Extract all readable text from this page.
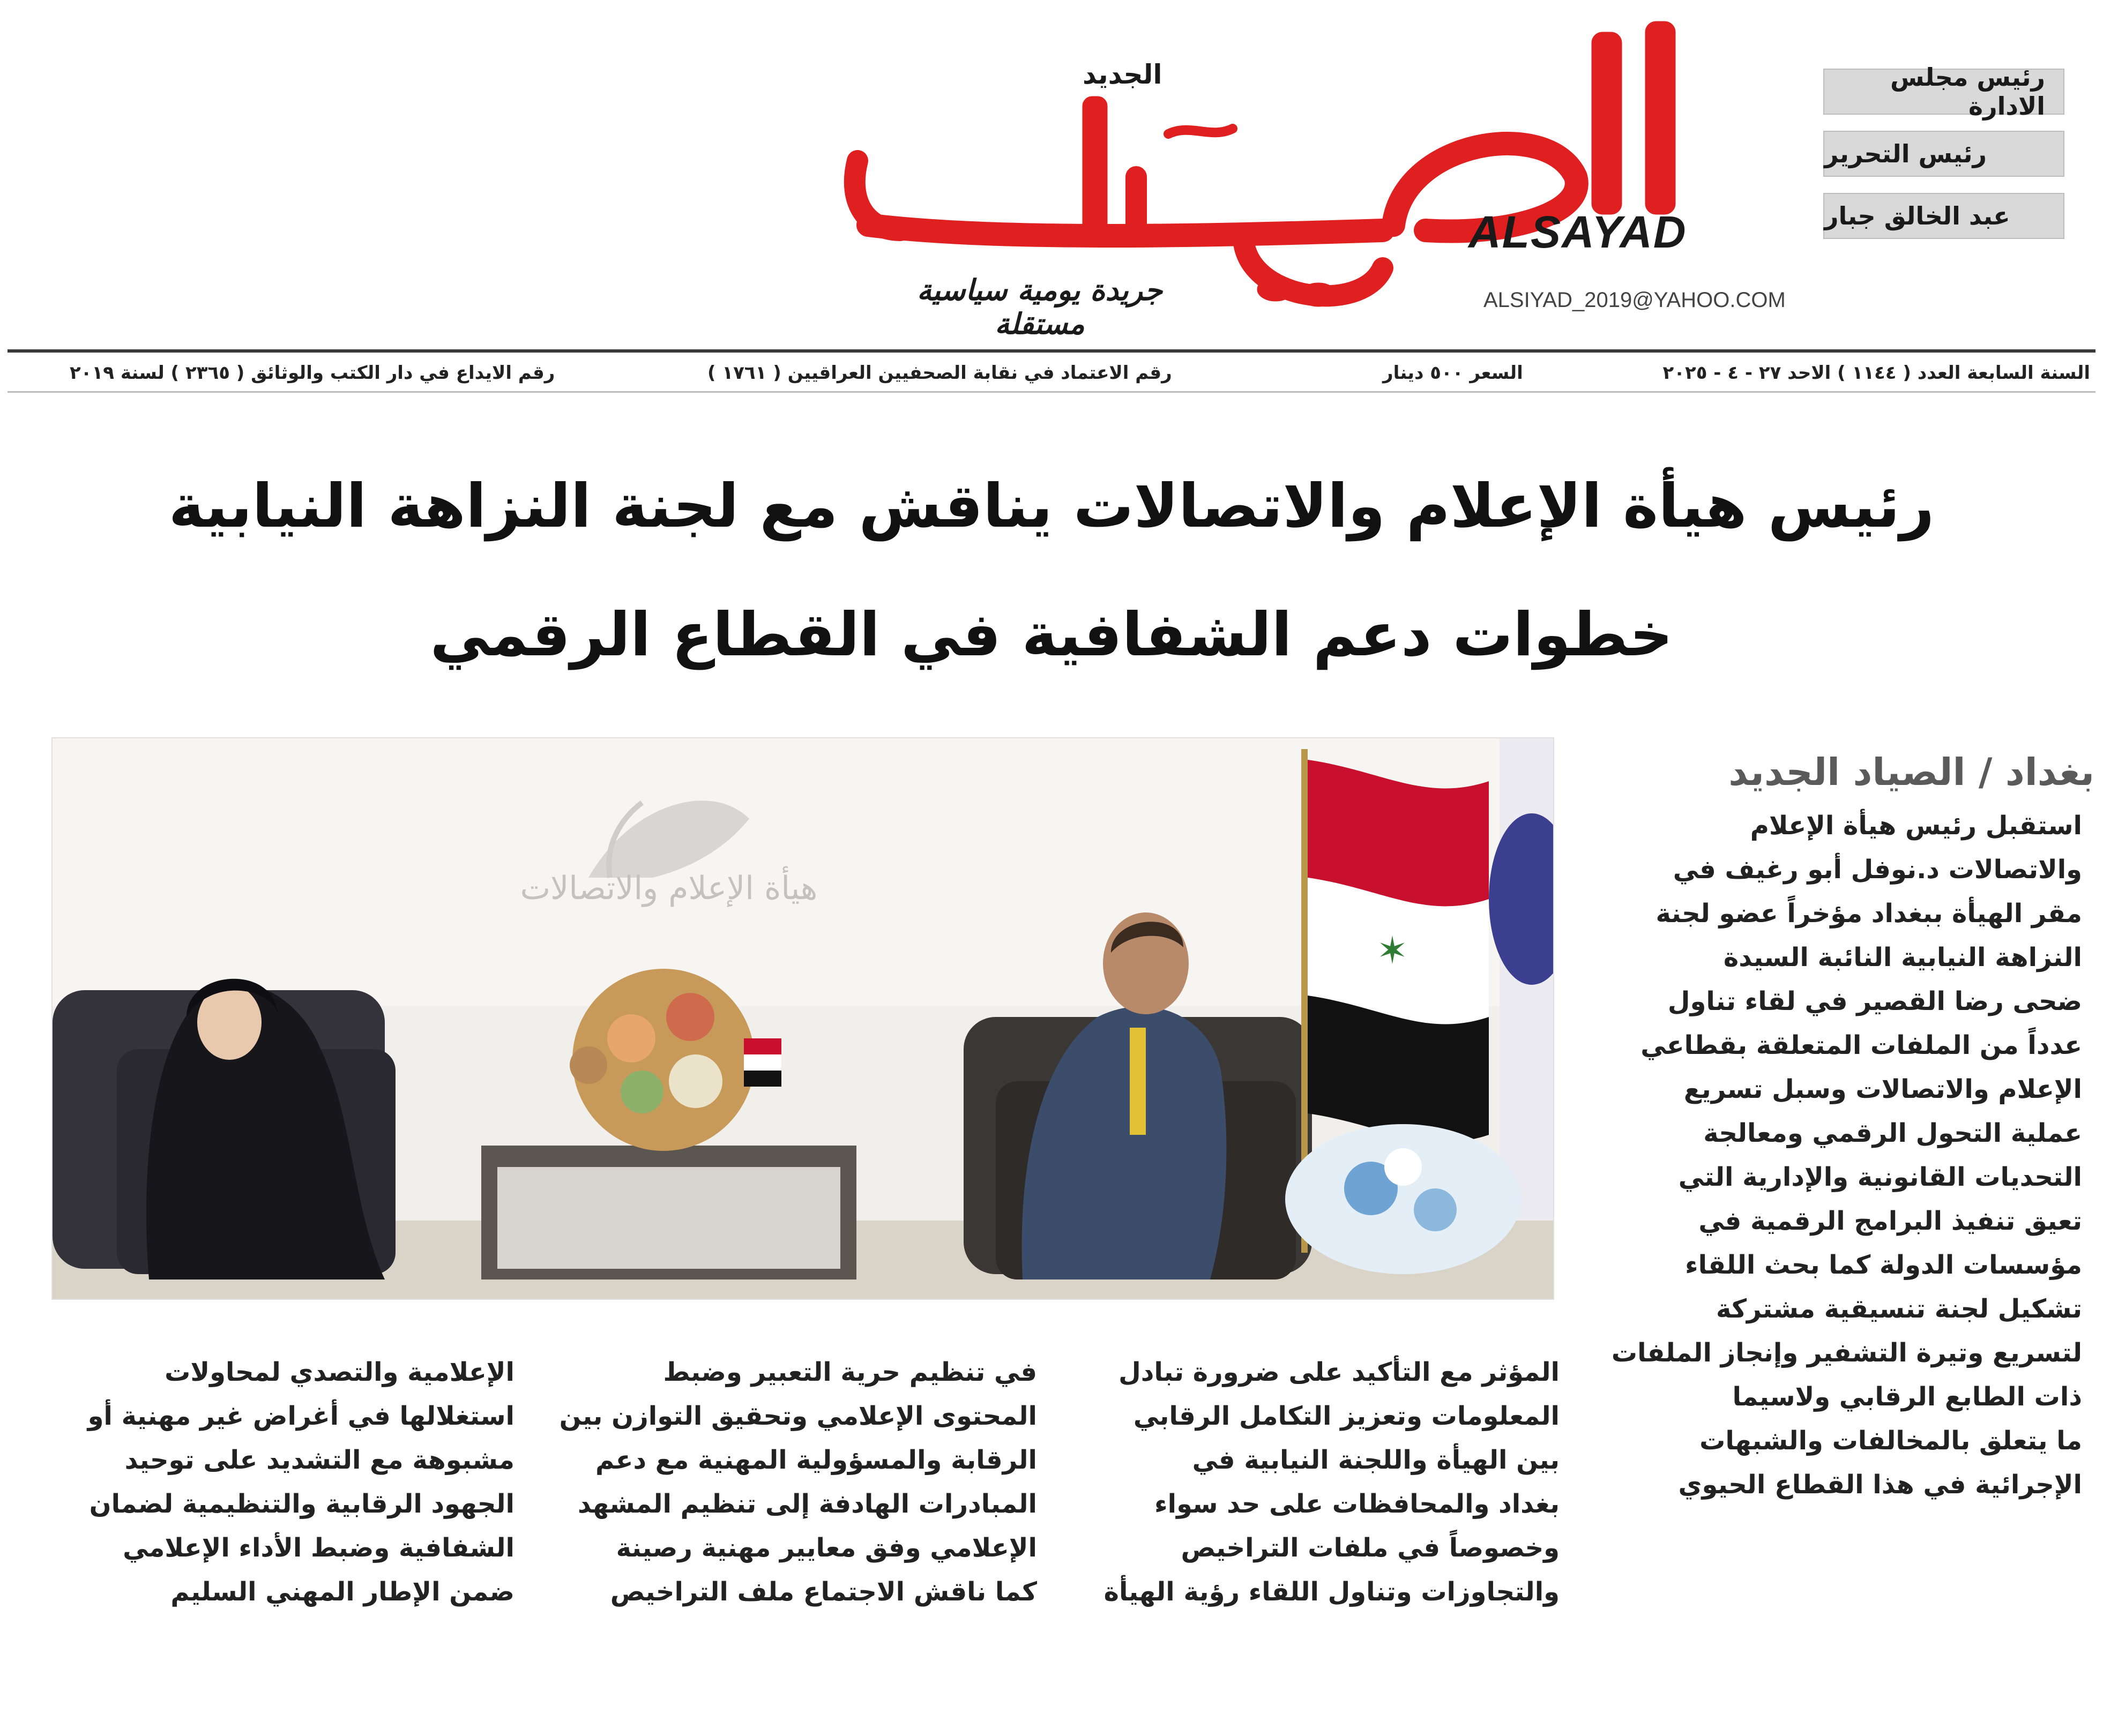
رئيس مجلس الادارة
رئيس التحرير
عبد الخالق جبار
الجديد
ALSAYAD
جريدة يومية سياسية مستقلة
ALSIYAD_2019@YAHOO.COM
السنة السابعة العدد ( ١١٤٤ ) الاحد ٢٧ - ٤ - ٢٠٢٥
السعر ٥٠٠ دينار
رقم الاعتماد في نقابة الصحفيين العراقيين ( ١٧٦١ )
رقم الايداع في دار الكتب والوثائق ( ٢٣٦٥ ) لسنة ٢٠١٩
رئيس هيأة الإعلام والاتصالات يناقش مع لجنة النزاهة النيابية
خطوات دعم الشفافية في القطاع الرقمي
هيأة الإعلام والاتصالات
✶
بغداد / الصياد الجديد
استقبل رئيس هيأة الإعلام
والاتصالات د.نوفل أبو رغيف في
مقر الهيأة ببغداد مؤخراً عضو لجنة
النزاهة النيابية النائبة السيدة
ضحى رضا القصير في لقاء تناول
عدداً من الملفات المتعلقة بقطاعي
الإعلام والاتصالات وسبل تسريع
عملية التحول الرقمي ومعالجة
التحديات القانونية والإدارية التي
تعيق تنفيذ البرامج الرقمية في
مؤسسات الدولة كما بحث اللقاء
تشكيل لجنة تنسيقية مشتركة
لتسريع وتيرة التشفير وإنجاز الملفات
ذات الطابع الرقابي ولاسيما
ما يتعلق بالمخالفات والشبهات
الإجرائية في هذا القطاع الحيوي
المؤثر مع التأكيد على ضرورة تبادل
المعلومات وتعزيز التكامل الرقابي
بين الهيأة واللجنة النيابية في
بغداد والمحافظات على حد سواء
وخصوصاً في ملفات التراخيص
والتجاوزات وتناول اللقاء رؤية الهيأة
في تنظيم حرية التعبير وضبط
المحتوى الإعلامي وتحقيق التوازن بين
الرقابة والمسؤولية المهنية مع دعم
المبادرات الهادفة إلى تنظيم المشهد
الإعلامي وفق معايير مهنية رصينة
كما ناقش الاجتماع ملف التراخيص
الإعلامية والتصدي لمحاولات
استغلالها في أغراض غير مهنية أو
مشبوهة مع التشديد على توحيد
الجهود الرقابية والتنظيمية لضمان
الشفافية وضبط الأداء الإعلامي
ضمن الإطار المهني السليم
